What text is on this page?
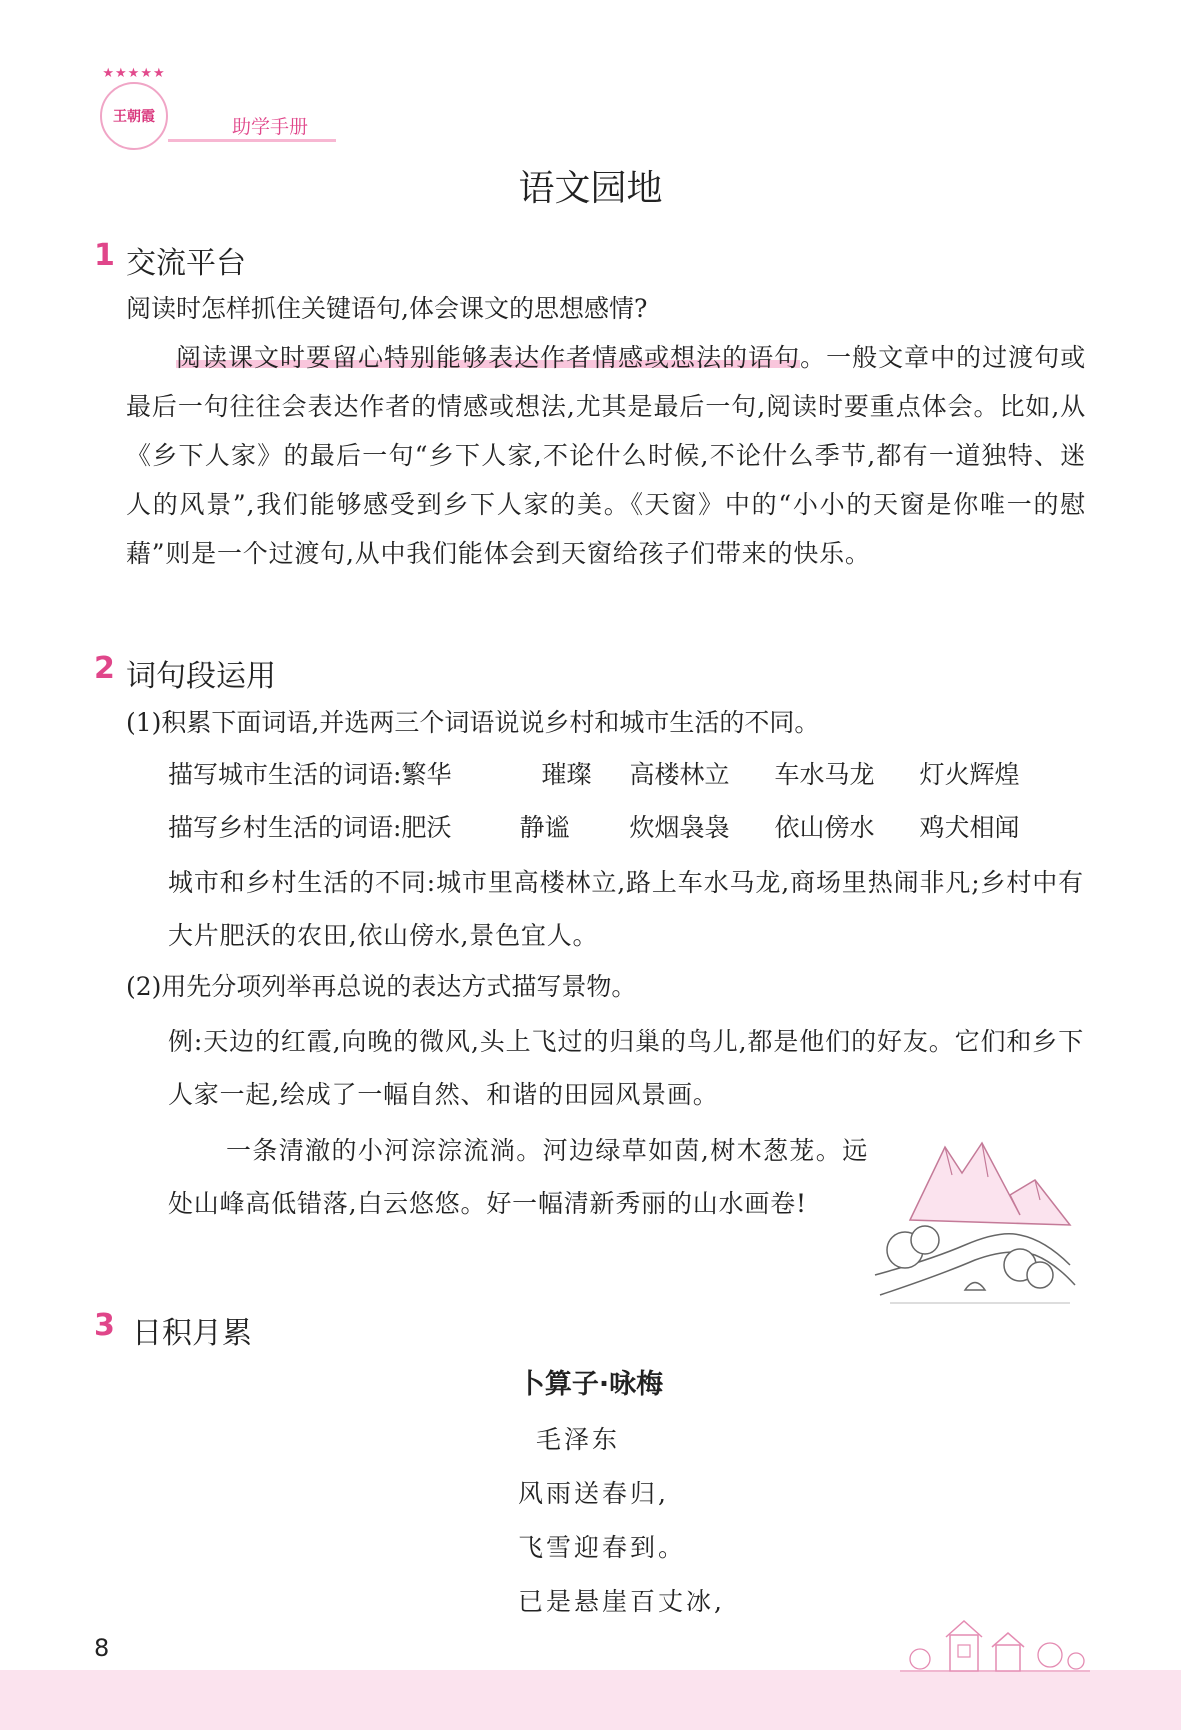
★★★★★
王朝霞	助学手册
语文园地
1 交流平台
阅读时怎样抓住关键语句,体会课文的思想感情?
阅读课文时要留心特别能够表达作者情感或想法的语句。一般文章中的过渡句或最后一句往往会表达作者的情感或想法,尤其是最后一句,阅读时要重点体会。比如,从《乡下人家》的最后一句“乡下人家,不论什么时候,不论什么季节,都有一道独特、迷人的风景”,我们能够感受到乡下人家的美。《天窗》中的“小小的天窗是你唯一的慰藉”则是一个过渡句,从中我们能体会到天窗给孩子们带来的快乐。
2 词句段运用
(1)积累下面词语,并选两三个词语说说乡村和城市生活的不同。
描写城市生活的词语:繁华	璀璨 高楼林立 车水马龙 灯火辉煌
描写乡村生活的词语:肥沃	静谧 炊烟袅袅 依山傍水 鸡犬相闻
城市和乡村生活的不同:城市里高楼林立,路上车水马龙,商场里热闹非凡;乡村中有大片肥沃的农田,依山傍水,景色宜人。
(2)用先分项列举再总说的表达方式描写景物。
例:天边的红霞,向晚的微风,头上飞过的归巢的鸟儿,都是他们的好友。它们和乡下人家一起,绘成了一幅自然、和谐的田园风景画。
一条清澈的小河淙淙流淌。河边绿草如茵,树木葱茏。远处山峰高低错落,白云悠悠。好一幅清新秀丽的山水画卷!
3 日积月累
卜算子·咏梅
毛泽东
风雨送春归,
飞雪迎春到。
已是悬崖百丈冰,
8
